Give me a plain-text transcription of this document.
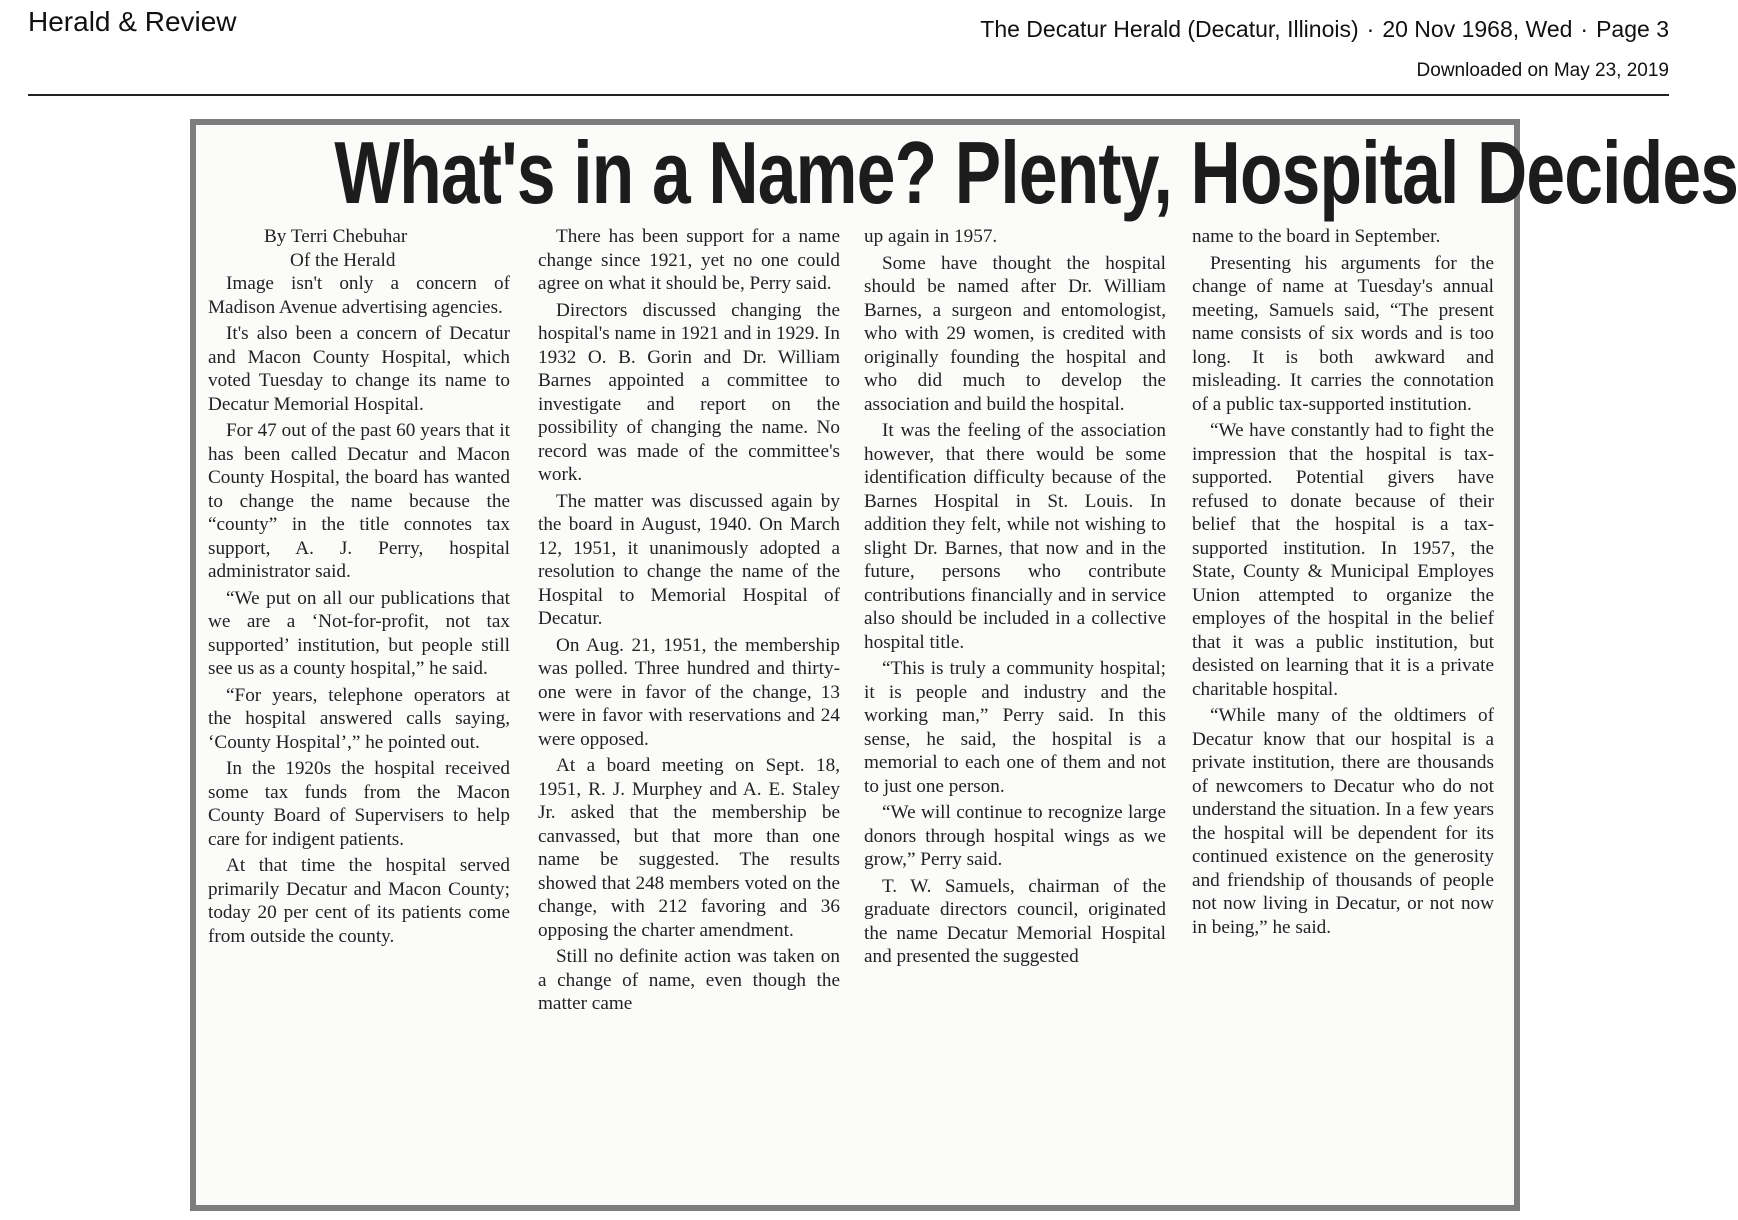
Herald & Review	The Decatur Herald (Decatur, Illinois) · 20 Nov 1968, Wed · Page 3
Downloaded on May 23, 2019
What's in a Name? Plenty, Hospital Decides

By Terri Chebuhar

Of the Herald

Image isn't only a concern of Madison Avenue advertising agencies.

It's also been a concern of Decatur and Macon County Hospital, which voted Tuesday to change its name to Decatur Memorial Hospital.

For 47 out of the past 60 years that it has been called Decatur and Macon County Hospital, the board has wanted to change the name because the “county” in the title connotes tax support, A. J. Perry, hospital administrator said.

“We put on all our publications that we are a ‘Not-for-profit, not tax supported’ institution, but people still see us as a county hospital,” he said.

“For years, telephone operators at the hospital answered calls saying, ‘County Hospital’,” he pointed out.

In the 1920s the hospital received some tax funds from the Macon County Board of Supervisers to help care for indigent patients.

At that time the hospital served primarily Decatur and Macon County; today 20 per cent of its patients come from outside the county.

There has been support for a name change since 1921, yet no one could agree on what it should be, Perry said.

Directors discussed changing the hospital's name in 1921 and in 1929. In 1932 O. B. Gorin and Dr. William Barnes appointed a committee to investigate and report on the possibility of changing the name. No record was made of the committee's work.

The matter was discussed again by the board in August, 1940. On March 12, 1951, it unanimously adopted a resolution to change the name of the Hospital to Memorial Hospital of Decatur.

On Aug. 21, 1951, the membership was polled. Three hundred and thirty-one were in favor of the change, 13 were in favor with reservations and 24 were opposed.

At a board meeting on Sept. 18, 1951, R. J. Murphey and A. E. Staley Jr. asked that the membership be canvassed, but that more than one name be suggested. The results showed that 248 members voted on the change, with 212 favoring and 36 opposing the charter amendment.

Still no definite action was taken on a change of name, even though the matter came

up again in 1957.

Some have thought the hospital should be named after Dr. William Barnes, a surgeon and entomologist, who with 29 women, is credited with originally founding the hospital and who did much to develop the association and build the hospital.

It was the feeling of the association however, that there would be some identification difficulty because of the Barnes Hospital in St. Louis. In addition they felt, while not wishing to slight Dr. Barnes, that now and in the future, persons who contribute contributions financially and in service also should be included in a collective hospital title.

“This is truly a community hospital; it is people and industry and the working man,” Perry said. In this sense, he said, the hospital is a memorial to each one of them and not to just one person.

“We will continue to recognize large donors through hospital wings as we grow,” Perry said.

T. W. Samuels, chairman of the graduate directors council, originated the name Decatur Memorial Hospital and presented the suggested

name to the board in September.

Presenting his arguments for the change of name at Tuesday's annual meeting, Samuels said, “The present name consists of six words and is too long. It is both awkward and misleading. It carries the connotation of a public tax-supported institution.

“We have constantly had to fight the impression that the hospital is tax-supported. Potential givers have refused to donate because of their belief that the hospital is a tax-supported institution. In 1957, the State, County & Municipal Employes Union attempted to organize the employes of the hospital in the belief that it was a public institution, but desisted on learning that it is a private charitable hospital.

“While many of the oldtimers of Decatur know that our hospital is a private institution, there are thousands of newcomers to Decatur who do not understand the situation. In a few years the hospital will be dependent for its continued existence on the generosity and friendship of thousands of people not now living in Decatur, or not now in being,” he said.
